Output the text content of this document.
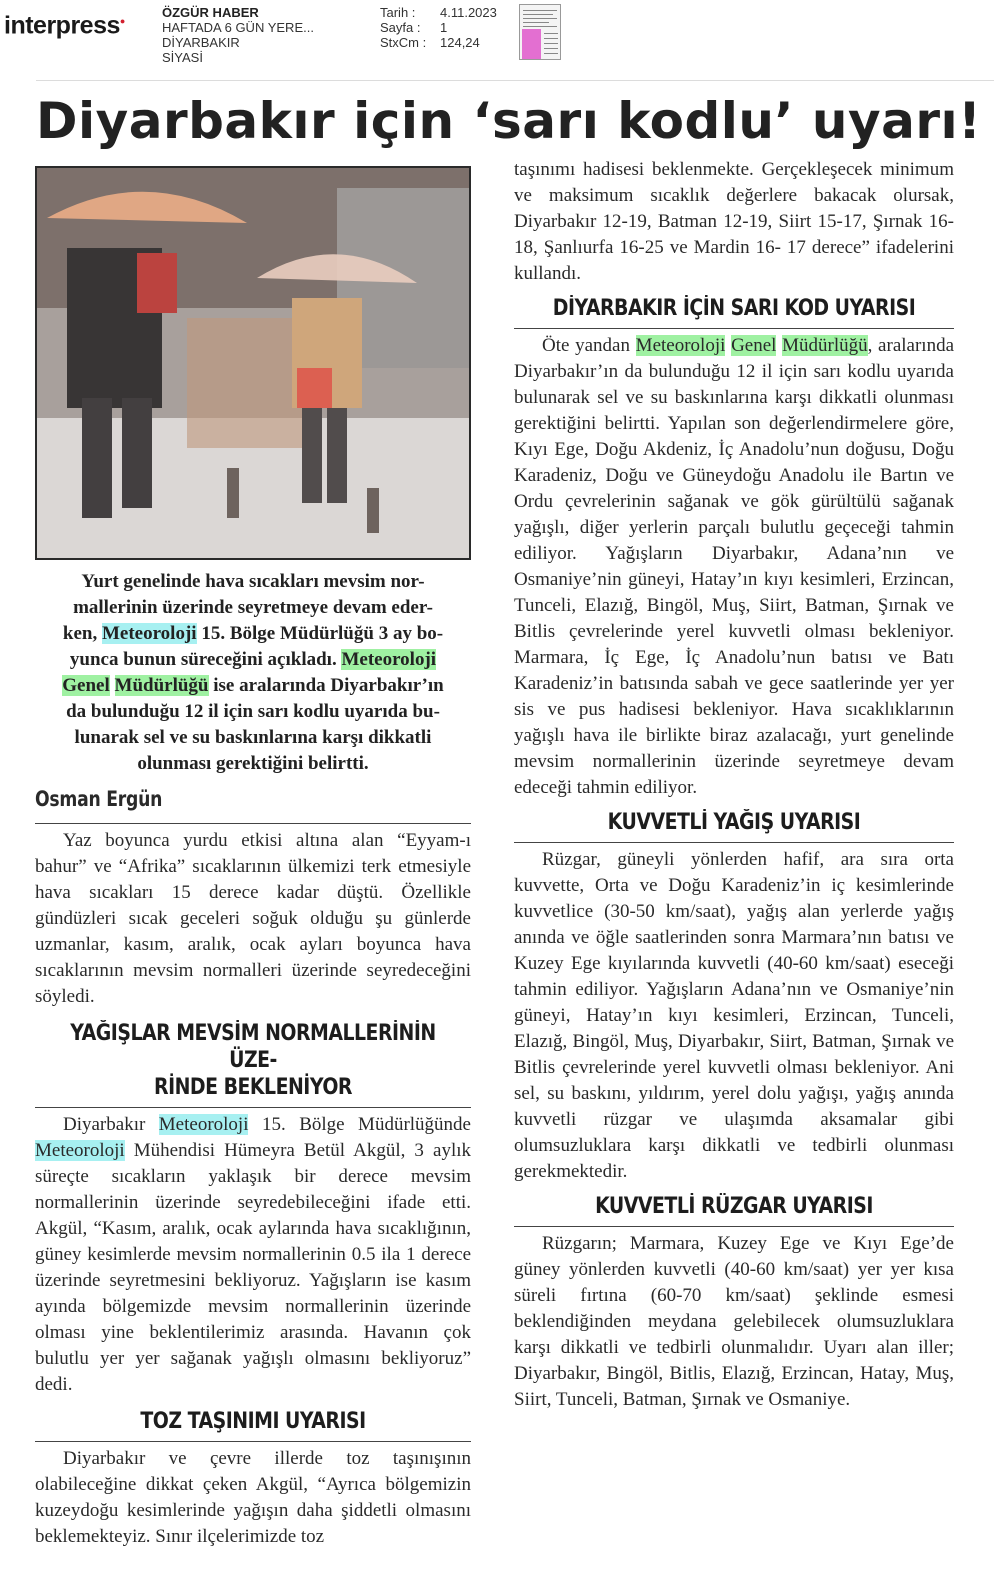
interpress●
ÖZGÜR HABER
HAFTADA 6 GÜN YERE...
DİYARBAKIR
SİYASİ
Tarih :	4.11.2023
Sayfa :	1
StxCm :	124,24
Diyarbakır için ‘sarı kodlu’ uyarı!

Yurt genelinde hava sıcakları mevsim nor-
mallerinin üzerinde seyretmeye devam eder-
ken, Meteoroloji 15. Bölge Müdürlüğü 3 ay bo-
yunca bunun süreceğini açıkladı. Meteoroloji
Genel Müdürlüğü ise aralarında Diyarbakır’ın
da bulunduğu 12 il için sarı kodlu uyarıda bu-
lunarak sel ve su baskınlarına karşı dikkatli
olunması gerektiğini belirtti.

Osman Ergün

Yaz boyunca yurdu etkisi altına alan “Eyyam-ı bahur” ve “Afrika” sıcaklarının ülkemizi terk etmesiyle hava sıcakları 15 derece kadar düştü. Özellikle gündüzleri sıcak geceleri soğuk olduğu şu günlerde uzmanlar, kasım, aralık, ocak ayları boyunca hava sıcaklarının mevsim normalleri üzerinde seyredeceğini söyledi.

YAĞIŞLAR MEVSİM NORMALLERİNİN ÜZE-
RİNDE BEKLENİYOR

Diyarbakır Meteoroloji 15. Bölge Müdürlüğünde Meteoroloji Mühendisi Hümeyra Betül Akgül, 3 aylık süreçte sıcakların yaklaşık bir derece mevsim normallerinin üzerinde seyredebileceğini ifade etti. Akgül, “Kasım, aralık, ocak aylarında hava sıcaklığının, güney kesimlerde mevsim normallerinin 0.5 ila 1 derece üzerinde seyretmesini bekliyoruz. Yağışların ise kasım ayında bölgemizde mevsim normallerinin üzerinde olması yine beklentilerimiz arasında. Havanın çok bulutlu yer yer sağanak yağışlı olmasını bekliyoruz” dedi.

TOZ TAŞINIMI UYARISI

Diyarbakır ve çevre illerde toz taşınışının olabileceğine dikkat çeken Akgül, “Ayrıca bölgemizin kuzeydoğu kesimlerinde yağışın daha şiddetli olmasını beklemekteyiz. Sınır ilçelerimizde toz

taşınımı hadisesi beklenmekte. Gerçekleşecek minimum ve maksimum sıcaklık değerlere bakacak olursak, Diyarbakır 12-19, Batman 12-19, Siirt 15-17, Şırnak 16-18, Şanlıurfa 16-25 ve Mardin 16- 17 derece” ifadelerini kullandı.

DİYARBAKIR İÇİN SARI KOD UYARISI

Öte yandan Meteoroloji Genel Müdürlüğü, aralarında Diyarbakır’ın da bulunduğu 12 il için sarı kodlu uyarıda bulunarak sel ve su baskınlarına karşı dikkatli olunması gerektiğini belirtti. Yapılan son değerlendirmelere göre, Kıyı Ege, Doğu Akdeniz, İç Anadolu’nun doğusu, Doğu Karadeniz, Doğu ve Güneydoğu Anadolu ile Bartın ve Ordu çevrelerinin sağanak ve gök gürültülü sağanak yağışlı, diğer yerlerin parçalı bulutlu geçeceği tahmin ediliyor. Yağışların Diyarbakır, Adana’nın ve Osmaniye’nin güneyi, Hatay’ın kıyı kesimleri, Erzincan, Tunceli, Elazığ, Bingöl, Muş, Siirt, Batman, Şırnak ve Bitlis çevrelerinde yerel kuvvetli olması bekleniyor. Marmara, İç Ege, İç Anadolu’nun batısı ve Batı Karadeniz’in batısında sabah ve gece saatlerinde yer yer sis ve pus hadisesi bekleniyor. Hava sıcaklıklarının yağışlı hava ile birlikte biraz azalacağı, yurt genelinde mevsim normallerinin üzerinde seyretmeye devam edeceği tahmin ediliyor.

KUVVETLİ YAĞIŞ UYARISI

Rüzgar, güneyli yönlerden hafif, ara sıra orta kuvvette, Orta ve Doğu Karadeniz’in iç kesimlerinde kuvvetlice (30-50 km/saat), yağış alan yerlerde yağış anında ve öğle saatlerinden sonra Marmara’nın batısı ve Kuzey Ege kıyılarında kuvvetli (40-60 km/saat) eseceği tahmin ediliyor. Yağışların Adana’nın ve Osmaniye’nin güneyi, Hatay’ın kıyı kesimleri, Erzincan, Tunceli, Elazığ, Bingöl, Muş, Diyarbakır, Siirt, Batman, Şırnak ve Bitlis çevrelerinde yerel kuvvetli olması bekleniyor. Ani sel, su baskını, yıldırım, yerel dolu yağışı, yağış anında kuvvetli rüzgar ve ulaşımda aksamalar gibi olumsuzluklara karşı dikkatli ve tedbirli olunması gerekmektedir.

KUVVETLİ RÜZGAR UYARISI

Rüzgarın; Marmara, Kuzey Ege ve Kıyı Ege’de güney yönlerden kuvvetli (40-60 km/saat) yer yer kısa süreli fırtına (60-70 km/saat) şeklinde esmesi beklendiğinden meydana gelebilecek olumsuzluklara karşı dikkatli ve tedbirli olunmalıdır. Uyarı alan iller; Diyarbakır, Bingöl, Bitlis, Elazığ, Erzincan, Hatay, Muş, Siirt, Tunceli, Batman, Şırnak ve Osmaniye.
